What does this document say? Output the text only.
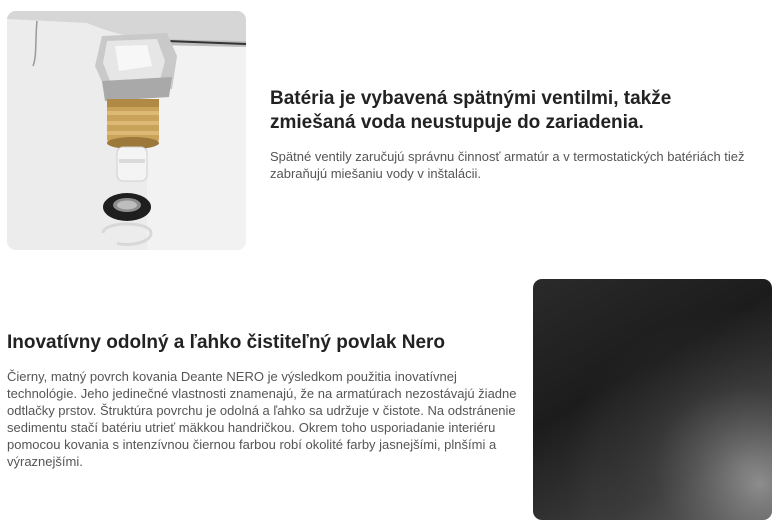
Batéria je vybavená spätnými ventilmi, takže zmiešaná voda neustupuje do zariadenia.

Spätné ventily zaručujú správnu činnosť armatúr a v termostatických batériách tiež zabraňujú miešaniu vody v inštalácii.

Inovatívny odolný a ľahko čistiteľný povlak Nero

Čierny, matný povrch kovania Deante NERO je výsledkom použitia inovatívnej technológie. Jeho jedinečné vlastnosti znamenajú, že na armatúrach nezostávajú žiadne odtlačky prstov. Štruktúra povrchu je odolná a ľahko sa udržuje v čistote. Na odstránenie sedimentu stačí batériu utrieť mäkkou handričkou. Okrem toho usporiadanie interiéru pomocou kovania s intenzívnou čiernou farbou robí okolité farby jasnejšími, plnšími a výraznejšími.
